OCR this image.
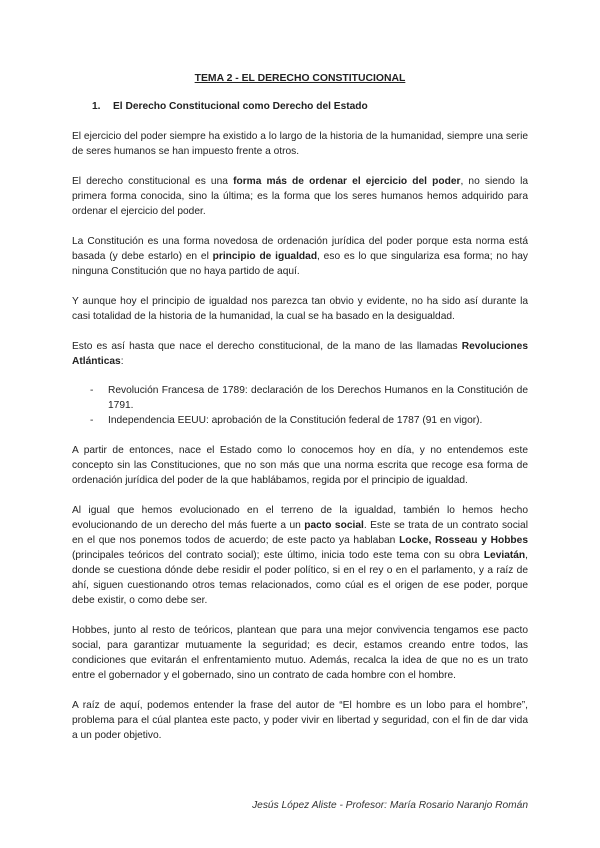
TEMA 2 - EL DERECHO CONSTITUCIONAL
1. El Derecho Constitucional como Derecho del Estado

El ejercicio del poder siempre ha existido a lo largo de la historia de la humanidad, siempre una serie de seres humanos se han impuesto frente a otros.

El derecho constitucional es una forma más de ordenar el ejercicio del poder, no siendo la primera forma conocida, sino la última; es la forma que los seres humanos hemos adquirido para ordenar el ejercicio del poder.

La Constitución es una forma novedosa de ordenación jurídica del poder porque esta norma está basada (y debe estarlo) en el principio de igualdad, eso es lo que singulariza esa forma; no hay ninguna Constitución que no haya partido de aquí.

Y aunque hoy el principio de igualdad nos parezca tan obvio y evidente, no ha sido así durante la casi totalidad de la historia de la humanidad, la cual se ha basado en la desigualdad.

Esto es así hasta que nace el derecho constitucional, de la mano de las llamadas Revoluciones Atlánticas:

- Revolución Francesa de 1789: declaración de los Derechos Humanos en la Constitución de 1791.
- Independencia EEUU: aprobación de la Constitución federal de 1787 (91 en vigor).

A partir de entonces, nace el Estado como lo conocemos hoy en día, y no entendemos este concepto sin las Constituciones, que no son más que una norma escrita que recoge esa forma de ordenación jurídica del poder de la que hablábamos, regida por el principio de igualdad.

Al igual que hemos evolucionado en el terreno de la igualdad, también lo hemos hecho evolucionando de un derecho del más fuerte a un pacto social. Este se trata de un contrato social en el que nos ponemos todos de acuerdo; de este pacto ya hablaban Locke, Rosseau y Hobbes (principales teóricos del contrato social); este último, inicia todo este tema con su obra Leviatán, donde se cuestiona dónde debe residir el poder político, si en el rey o en el parlamento, y a raíz de ahí, siguen cuestionando otros temas relacionados, como cúal es el origen de ese poder, porque debe existir, o como debe ser.

Hobbes, junto al resto de teóricos, plantean que para una mejor convivencia tengamos ese pacto social, para garantizar mutuamente la seguridad; es decir, estamos creando entre todos, las condiciones que evitarán el enfrentamiento mutuo. Además, recalca la idea de que no es un trato entre el gobernador y el gobernado, sino un contrato de cada hombre con el hombre.

A raíz de aquí, podemos entender la frase del autor de “El hombre es un lobo para el hombre”, problema para el cúal plantea este pacto, y poder vivir en libertad y seguridad, con el fin de dar vida a un poder objetivo.

Jesús López Aliste - Profesor: María Rosario Naranjo Román
